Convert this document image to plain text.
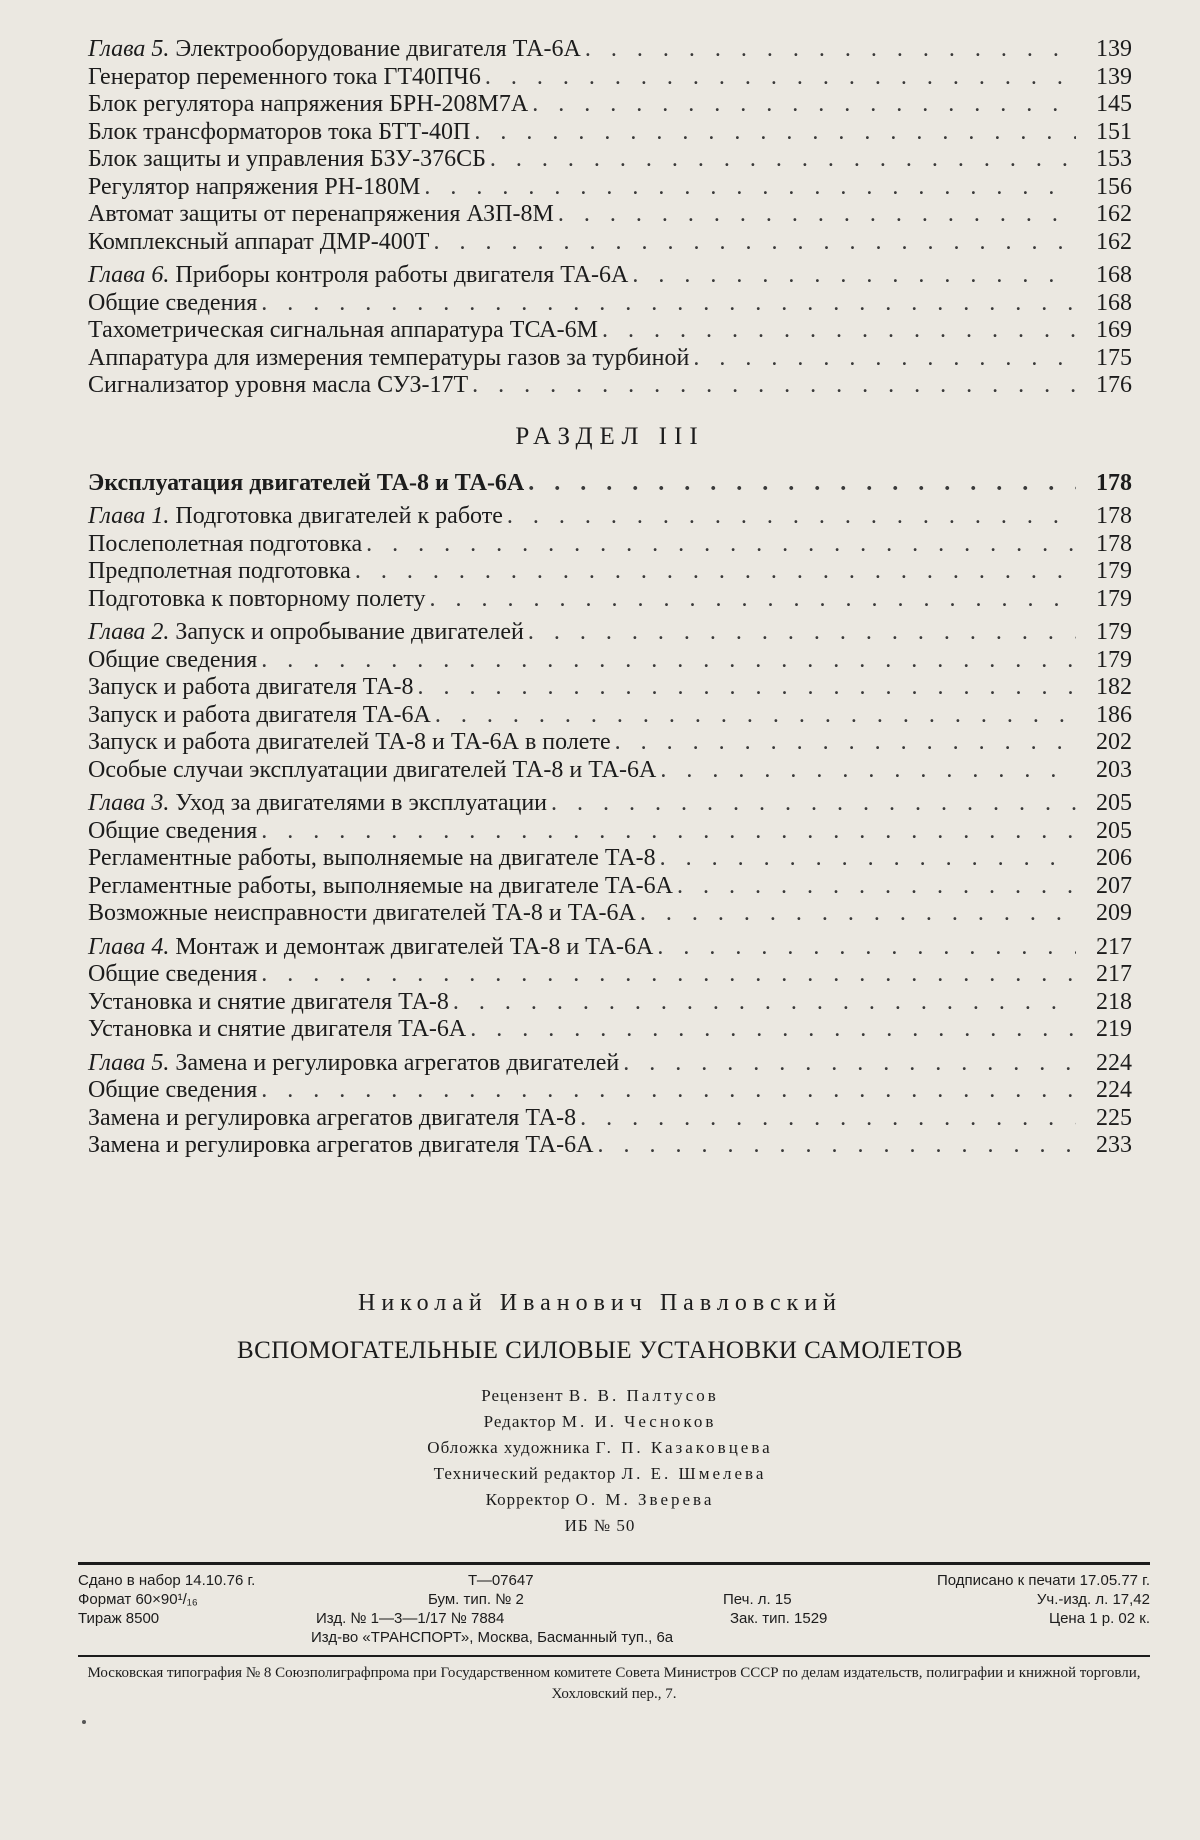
Глава 5. Электрооборудование двигателя ТА-6А . . .	139
Генератор переменного тока ГТ40ПЧ6 . . .	139
Блок регулятора напряжения БРН-208М7А . . .	145
Блок трансформаторов тока БТТ-40П . . .	151
Блок защиты и управления БЗУ-376СБ . . .	153
Регулятор напряжения РН-180М . . .	156
Автомат защиты от перенапряжения АЗП-8М . . .	162
Комплексный аппарат ДМР-400Т . . .	162
Глава 6. Приборы контроля работы двигателя ТА-6А . . .	168
Общие сведения . . .	168
Тахометрическая сигнальная аппаратура ТСА-6М . . .	169
Аппаратура для измерения температуры газов за турбиной . . .	175
Сигнализатор уровня масла СУЗ-17Т . . .	176
РАЗДЕЛ III
Эксплуатация двигателей ТА-8 и ТА-6А . . .	178
Глава 1. Подготовка двигателей к работе . . .	178
Послеполетная подготовка . . .	178
Предполетная подготовка . . .	179
Подготовка к повторному полету . . .	179
Глава 2. Запуск и опробывание двигателей . . .	179
Общие сведения . . .	179
Запуск и работа двигателя ТА-8 . . .	182
Запуск и работа двигателя ТА-6А . . .	186
Запуск и работа двигателей ТА-8 и ТА-6А в полете . . .	202
Особые случаи эксплуатации двигателей ТА-8 и ТА-6А . . .	203
Глава 3. Уход за двигателями в эксплуатации . . .	205
Общие сведения . . .	205
Регламентные работы, выполняемые на двигателе ТА-8 . . .	206
Регламентные работы, выполняемые на двигателе ТА-6А . . .	207
Возможные неисправности двигателей ТА-8 и ТА-6А . . .	209
Глава 4. Монтаж и демонтаж двигателей ТА-8 и ТА-6А . . .	217
Общие сведения . . .	217
Установка и снятие двигателя ТА-8 . . .	218
Установка и снятие двигателя ТА-6А . . .	219
Глава 5. Замена и регулировка агрегатов двигателей . . .	224
Общие сведения . . .	224
Замена и регулировка агрегатов двигателя ТА-8 . . .	225
Замена и регулировка агрегатов двигателя ТА-6А . . .	233
Николай Иванович Павловский
ВСПОМОГАТЕЛЬНЫЕ СИЛОВЫЕ УСТАНОВКИ САМОЛЕТОВ
Рецензент В. В. Палтусов
Редактор М. И. Чесноков
Обложка художника Г. П. Казаковцева
Технический редактор Л. Е. Шмелева
Корректор О. М. Зверева
ИБ № 50
Сдано в набор 14.10.76 г.	Т—07647	Подписано к печати 17.05.77 г.
Формат 60×90¹/₁₆	Бум. тип. № 2	Печ. л. 15	Уч.-изд. л. 17,42
Тираж 8500	Изд. № 1—3—1/17 № 7884	Зак. тип. 1529	Цена 1 р. 02 к.
Изд-во «ТРАНСПОРТ», Москва, Басманный туп., 6а
Московская типография № 8 Союзполиграфпрома при Государственном комитете Совета Министров СССР по делам издательств, полиграфии и книжной торговли, Хохловский пер., 7.
